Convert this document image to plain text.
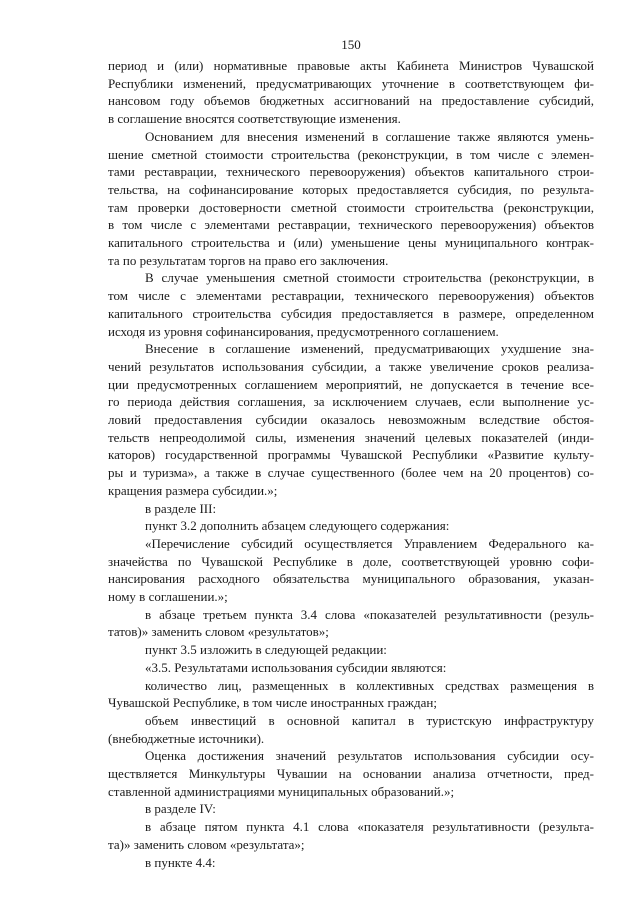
150
период и (или) нормативные правовые акты Кабинета Министров Чувашской
Республики изменений, предусматривающих уточнение в соответствующем фи-
нансовом году объемов бюджетных ассигнований на предоставление субсидий,
в соглашение вносятся соответствующие изменения.
Основанием для внесения изменений в соглашение также являются умень-
шение сметной стоимости строительства (реконструкции, в том числе с элемен-
тами реставрации, технического перевооружения) объектов капитального строи-
тельства, на софинансирование которых предоставляется субсидия, по результа-
там проверки достоверности сметной стоимости строительства (реконструкции,
в том числе с элементами реставрации, технического перевооружения) объектов
капитального строительства и (или) уменьшение цены муниципального контрак-
та по результатам торгов на право его заключения.
В случае уменьшения сметной стоимости строительства (реконструкции, в
том числе с элементами реставрации, технического перевооружения) объектов
капитального строительства субсидия предоставляется в размере, определенном
исходя из уровня софинансирования, предусмотренного соглашением.
Внесение в соглашение изменений, предусматривающих ухудшение зна-
чений результатов использования субсидии, а также увеличение сроков реализа-
ции предусмотренных соглашением мероприятий, не допускается в течение все-
го периода действия соглашения, за исключением случаев, если выполнение ус-
ловий предоставления субсидии оказалось невозможным вследствие обстоя-
тельств непреодолимой силы, изменения значений целевых показателей (инди-
каторов) государственной программы Чувашской Республики «Развитие культу-
ры и туризма», а также в случае существенного (более чем на 20 процентов) со-
кращения размера субсидии.»;
в разделе III:
пункт 3.2 дополнить абзацем следующего содержания:
«Перечисление субсидий осуществляется Управлением Федерального ка-
значейства по Чувашской Республике в доле, соответствующей уровню софи-
нансирования расходного обязательства муниципального образования, указан-
ному в соглашении.»;
в абзаце третьем пункта 3.4 слова «показателей результативности (резуль-
татов)» заменить словом «результатов»;
пункт 3.5 изложить в следующей редакции:
«3.5. Результатами использования субсидии являются:
количество лиц, размещенных в коллективных средствах размещения в
Чувашской Республике, в том числе иностранных граждан;
объем инвестиций в основной капитал в туристскую инфраструктуру
(внебюджетные источники).
Оценка достижения значений результатов использования субсидии осу-
ществляется Минкультуры Чувашии на основании анализа отчетности, пред-
ставленной администрациями муниципальных образований.»;
в разделе IV:
в абзаце пятом пункта 4.1 слова «показателя результативности (результа-
та)» заменить словом «результата»;
в пункте 4.4:
